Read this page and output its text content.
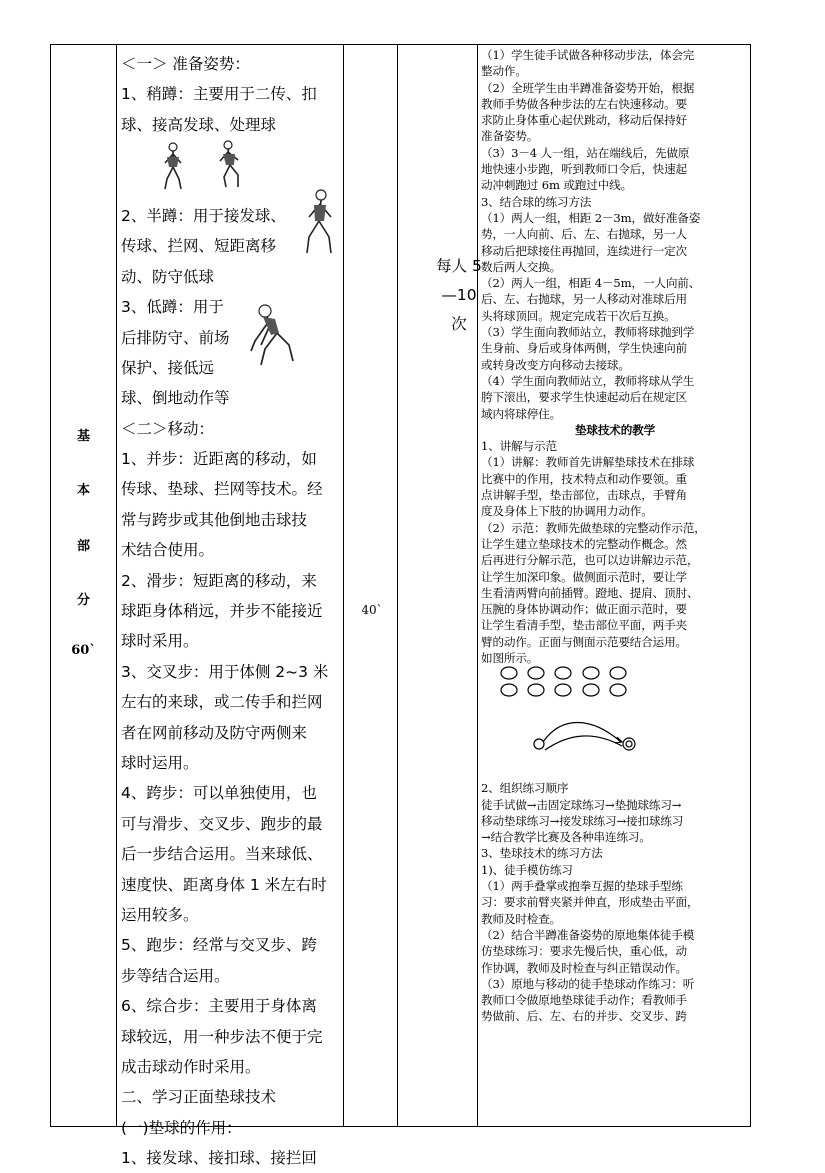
基
本
部
分
60`
＜一＞ 准备姿势：
1、稍蹲：主要用于二传、扣
球、接高发球、处理球
2、半蹲：用于接发球、
传球、拦网、短距离移
动、防守低球
3、低蹲：用于
后排防守、前场
保护、接低远
球、倒地动作等
＜二＞移动：
1、并步：近距离的移动，如
传球、垫球、拦网等技术。经
常与跨步或其他倒地击球技
术结合使用。
2、滑步：短距离的移动，来
球距身体稍远，并步不能接近
球时采用。
3、交叉步：用于体侧 2~3 米
左右的来球，或二传手和拦网
者在网前移动及防守两侧来
球时运用。
4、跨步：可以单独使用，也
可与滑步、交叉步、跑步的最
后一步结合运用。当来球低、
速度快、距离身体 1 米左右时
运用较多。
5、跑步：经常与交叉步、跨
步等结合运用。
6、综合步：主要用于身体离
球较远，用一种步法不便于完
成击球动作时采用。
二、学习正面垫球技术
(一)垫球的作用：
1、接发球、接扣球、接拦回
每人 5
—10
次
40`
（1）学生徒手试做各种移动步法，体会完
整动作。
（2）全班学生由半蹲准备姿势开始，根据
教师手势做各种步法的左右快速移动。要
求防止身体重心起伏跳动，移动后保持好
准备姿势。
（3）3－4 人一组，站在端线后，先做原
地快速小步跑，听到教师口令后，快速起
动冲刺跑过 6m 或跑过中线。
3、结合球的练习方法
（1）两人一组，相距 2－3m，做好准备姿
势，一人向前、后、左、右抛球，另一人
移动后把球接住再抛回，连续进行一定次
数后两人交换。
（2）两人一组，相距 4－5m，一人向前、
后、左、右抛球，另一人移动对准球后用
头将球顶回。规定完成若干次后互换。
（3）学生面向教师站立，教师将球抛到学
生身前、身后或身体两侧，学生快速向前
或转身改变方向移动去接球。
（4）学生面向教师站立，教师将球从学生
胯下滚出，要求学生快速起动后在规定区
域内将球停住。
垫球技术的教学
1、讲解与示范
（1）讲解：教师首先讲解垫球技术在排球
比赛中的作用，技术特点和动作要领。重
点讲解手型，垫击部位，击球点，手臂角
度及身体上下肢的协调用力动作。
（2）示范：教师先做垫球的完整动作示范，
让学生建立垫球技术的完整动作概念。然
后再进行分解示范，也可以边讲解边示范，
让学生加深印象。做侧面示范时，要让学
生看清两臂向前插臂。蹬地、提肩、顶肘、
压腕的身体协调动作；做正面示范时，要
让学生看清手型，垫击部位平面，两手夹
臂的动作。正面与侧面示范要结合运用。
如图所示。
2、组织练习顺序
徒手试做→击固定球练习→垫抛球练习→
移动垫球练习→接发球练习→接扣球练习
→结合教学比赛及各种串连练习。
3、垫球技术的练习方法
1)、徒手模仿练习
（1）两手叠掌或抱拳互握的垫球手型练
习：要求前臂夹紧并伸直，形成垫击平面，
教师及时检查。
（2）结合半蹲准备姿势的原地集体徒手模
仿垫球练习：要求先慢后快，重心低，动
作协调，教师及时检查与纠正错误动作。
（3）原地与移动的徒手垫球动作练习：听
教师口令做原地垫球徒手动作；看教师手
势做前、后、左、右的并步、交叉步、跨
